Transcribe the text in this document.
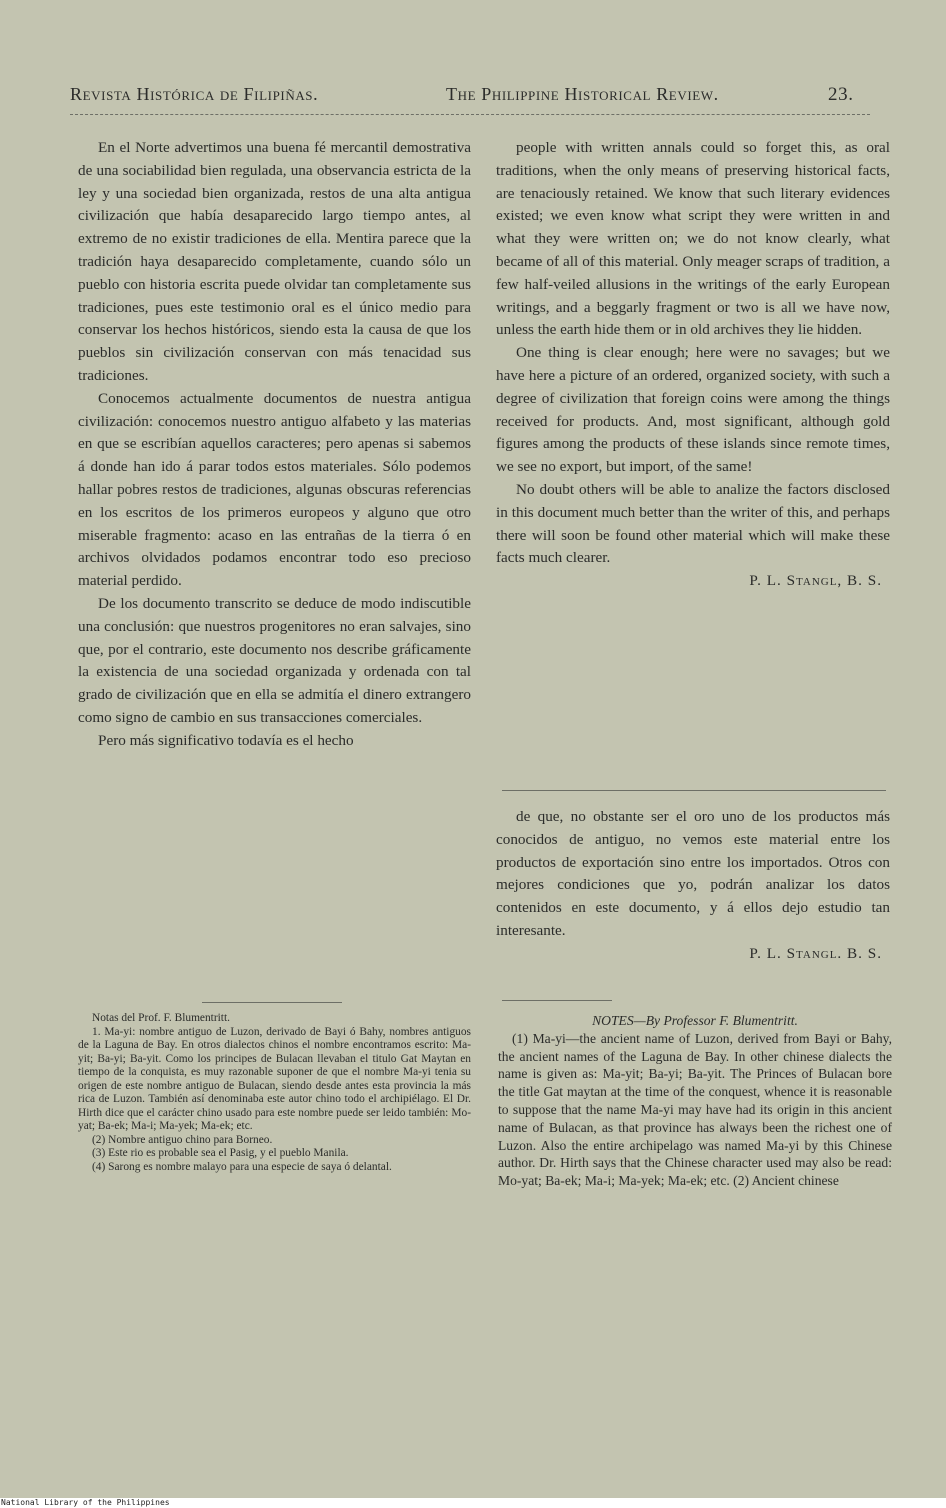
Revista Histórica de Filipiñas.	The Philippine Historical Review.	23.

En el Norte advertimos una buena fé mercantil demostrativa de una sociabilidad bien regulada, una observancia estricta de la ley y una sociedad bien organizada, restos de una alta antigua civilización que había desaparecido largo tiempo antes, al extremo de no existir tradiciones de ella. Mentira parece que la tradición haya desaparecido completamente, cuando sólo un pueblo con historia escrita puede olvidar tan completamente sus tradiciones, pues este testimonio oral es el único medio para conservar los hechos históricos, siendo esta la causa de que los pueblos sin civilización conservan con más tenacidad sus tradiciones.

Conocemos actualmente documentos de nuestra antigua civilización: conocemos nuestro antiguo alfabeto y las materias en que se escribían aquellos caracteres; pero apenas si sabemos á donde han ido á parar todos estos materiales. Sólo podemos hallar pobres restos de tradiciones, algunas obscuras referencias en los escritos de los primeros europeos y alguno que otro miserable fragmento: acaso en las entrañas de la tierra ó en archivos olvidados podamos encontrar todo eso precioso material perdido.

De los documento transcrito se deduce de modo indiscutible una conclusión: que nuestros progenitores no eran salvajes, sino que, por el contrario, este documento nos describe gráficamente la existencia de una sociedad organizada y ordenada con tal grado de civilización que en ella se admitía el dinero extrangero como signo de cambio en sus transacciones comerciales.

Pero más significativo todavía es el hecho

people with written annals could so forget this, as oral traditions, when the only means of preserving historical facts, are tenaciously retained. We know that such literary evidences existed; we even know what script they were written in and what they were written on; we do not know clearly, what became of all of this material. Only meager scraps of tradition, a few half-veiled allusions in the writings of the early European writings, and a beggarly fragment or two is all we have now, unless the earth hide them or in old archives they lie hidden.

One thing is clear enough; here were no savages; but we have here a picture of an ordered, organized society, with such a degree of civilization that foreign coins were among the things received for products. And, most significant, although gold figures among the products of these islands since remote times, we see no export, but import, of the same!

No doubt others will be able to analize the factors disclosed in this document much better than the writer of this, and perhaps there will soon be found other material which will make these facts much clearer.

P. L. Stangl, B. S.

de que, no obstante ser el oro uno de los productos más conocidos de antiguo, no vemos este material entre los productos de exportación sino entre los importados. Otros con mejores condiciones que yo, podrán analizar los datos contenidos en este documento, y á ellos dejo estudio tan interesante.

P. L. Stangl. B. S.

Notas del Prof. F. Blumentritt.

1. Ma-yi: nombre antiguo de Luzon, derivado de Bayi ó Bahy, nombres antiguos de la Laguna de Bay. En otros dialectos chinos el nombre encontramos escrito: Ma-yit; Ba-yi; Ba-yit. Como los principes de Bulacan llevaban el titulo Gat Maytan en tiempo de la conquista, es muy razonable suponer de que el nombre Ma-yi tenia su origen de este nombre antiguo de Bulacan, siendo desde antes esta provincia la más rica de Luzon. También así denominaba este autor chino todo el archipiélago. El Dr. Hirth dice que el carácter chino usado para este nombre puede ser leido también: Mo-yat; Ba-ek; Ma-i; Ma-yek; Ma-ek; etc.

(2) Nombre antiguo chino para Borneo.

(3) Este rio es probable sea el Pasig, y el pueblo Manila.

(4) Sarong es nombre malayo para una especie de saya ó delantal.

NOTES—By Professor F. Blumentritt.

(1) Ma-yi—the ancient name of Luzon, derived from Bayi or Bahy, the ancient names of the Laguna de Bay. In other chinese dialects the name is given as: Ma-yit; Ba-yi; Ba-yit. The Princes of Bulacan bore the title Gat maytan at the time of the conquest, whence it is reasonable to suppose that the name Ma-yi may have had its origin in this ancient name of Bulacan, as that province has always been the richest one of Luzon. Also the entire archipelago was named Ma-yi by this Chinese author. Dr. Hirth says that the Chinese character used may also be read: Mo-yat; Ba-ek; Ma-i; Ma-yek; Ma-ek; etc. (2) Ancient chinese

National Library of the Philippines
